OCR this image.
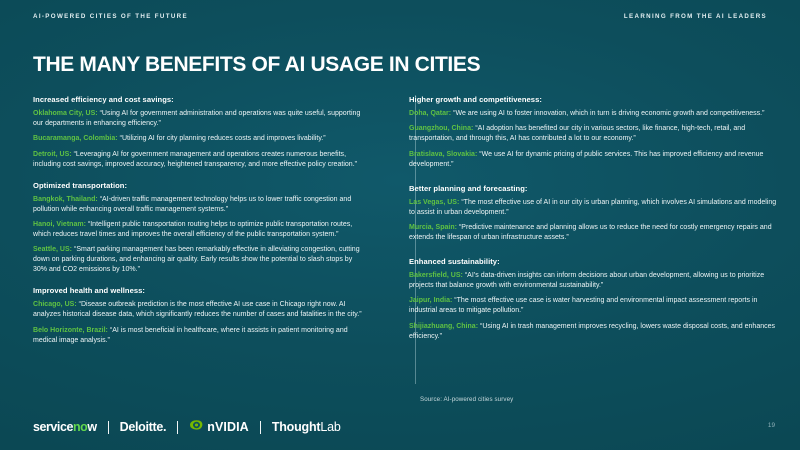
AI-POWERED CITIES OF THE FUTURE	LEARNING FROM THE AI LEADERS
THE MANY BENEFITS OF AI USAGE IN CITIES
Increased efficiency and cost savings:

Oklahoma City, US: “Using AI for government administration and operations was quite useful, supporting our departments in enhancing efficiency.”

Bucaramanga, Colombia: “Utilizing AI for city planning reduces costs and improves livability.”

Detroit, US: “Leveraging AI for government management and operations creates numerous benefits, including cost savings, improved accuracy, heightened transparency, and more effective policy creation.”

Optimized transportation:

Bangkok, Thailand: “AI-driven traffic management technology helps us to lower traffic congestion and pollution while enhancing overall traffic management systems.”

Hanoi, Vietnam: “Intelligent public transportation routing helps to optimize public transportation routes, which reduces travel times and improves the overall efficiency of the public transportation system.”

Seattle, US: “Smart parking management has been remarkably effective in alleviating congestion, cutting down on parking durations, and enhancing air quality. Early results show the potential to slash stops by 30% and CO2 emissions by 10%.”

Improved health and wellness:

Chicago, US: “Disease outbreak prediction is the most effective AI use case in Chicago right now. AI analyzes historical disease data, which significantly reduces the number of cases and fatalities in the city.”

Belo Horizonte, Brazil: “AI is most beneficial in healthcare, where it assists in patient monitoring and medical image analysis.”

Higher growth and competitiveness:

Doha, Qatar: “We are using AI to foster innovation, which in turn is driving economic growth and competitiveness.”

Guangzhou, China: “AI adoption has benefited our city in various sectors, like finance, high-tech, retail, and transportation, and through this, AI has contributed a lot to our economy.”

Bratislava, Slovakia: “We use AI for dynamic pricing of public services. This has improved efficiency and revenue development.”

Better planning and forecasting:

Las Vegas, US: “The most effective use of AI in our city is urban planning, which involves AI simulations and modeling to assist in urban development.”

Murcia, Spain: “Predictive maintenance and planning allows us to reduce the need for costly emergency repairs and extends the lifespan of urban infrastructure assets.”

Enhanced sustainability:

Bakersfield, US: “AI’s data-driven insights can inform decisions about urban development, allowing us to prioritize projects that balance growth with environmental sustainability.”

Jaipur, India: “The most effective use case is water harvesting and environmental impact assessment reports in industrial areas to mitigate pollution.”

Shijiazhuang, China: “Using AI in trash management improves recycling, lowers waste disposal costs, and enhances efficiency.”

Source: AI-powered cities survey
19
service no w Deloitte.	nVIDIA Thought Lab
